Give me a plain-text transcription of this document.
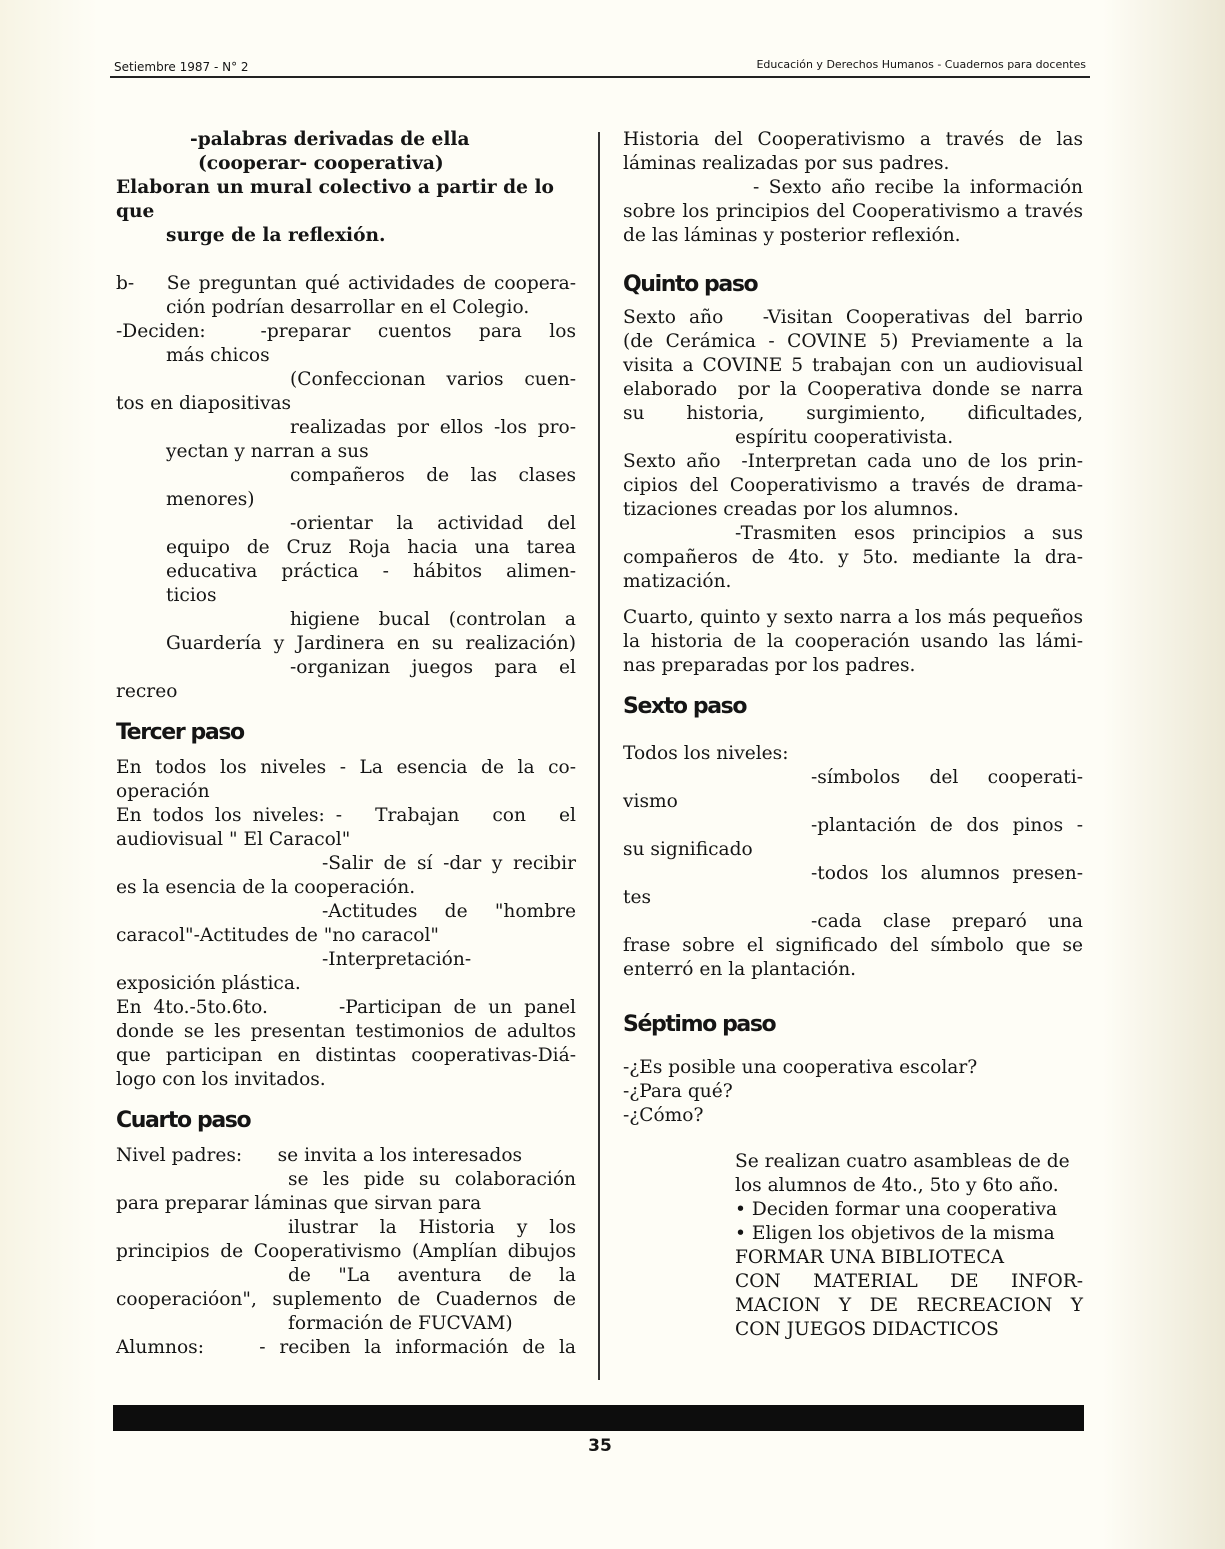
Setiembre 1987 - N° 2	Educación y Derechos Humanos - Cuadernos para docentes

-palabras derivadas de ella

(cooperar- cooperativa)

Elaboran un mural colectivo a partir de lo que

surge de la reflexión.

b-    Se preguntan qué actividades de coopera-

ción podrían desarrollar en el Colegio.

-Deciden:  -preparar cuentos para los

más chicos

(Confeccionan varios cuen-

tos en diapositivas

realizadas por ellos -los pro-

yectan y narran a sus

compañeros de las clases

menores)

-orientar la actividad del

equipo de Cruz Roja hacia una tarea

educativa práctica - hábitos alimen-

ticios

higiene bucal (controlan a

Guardería y Jardinera en su realización)

-organizan juegos para el

recreo

Tercer paso

En todos los niveles - La esencia de la co-

operación

En todos los niveles: -   Trabajan   con   el

audiovisual " El Caracol"

-Salir de sí -dar y recibir

es la esencia de la cooperación.

-Actitudes de "hombre

caracol"-Actitudes de "no caracol"

-Interpretación-

exposición plástica.

En 4to.-5to.6to.      -Participan de un panel

donde se les presentan testimonios de adultos

que participan en distintas cooperativas-Diá-

logo con los invitados.

Cuarto paso

Nivel padres:      se invita a los interesados

se les pide su colaboración

para preparar láminas que sirvan para

ilustrar la Historia y los

principios de Cooperativismo (Amplían dibujos

de "La aventura de la

cooperacióon", suplemento de Cuadernos de

formación de FUCVAM)

Alumnos:    - reciben la información de la

Historia del Cooperativismo a través de las

láminas realizadas por sus padres.

- Sexto año recibe la información

sobre los principios del Cooperativismo a través

de las láminas y posterior reflexión.

Quinto paso

Sexto año   -Visitan Cooperativas del barrio

(de Cerámica - COVINE 5) Previamente a la

visita a COVINE 5 trabajan con un audiovisual

elaborado  por la Cooperativa donde se narra

su  historia,  surgimiento,  dificultades,

espíritu cooperativista.

Sexto año  -Interpretan cada uno de los prin-

cipios del Cooperativismo a través de drama-

tizaciones creadas por los alumnos.

-Trasmiten esos principios a sus

compañeros de 4to. y 5to. mediante la dra-

matización.

Cuarto, quinto y sexto narra a los más pequeños

la historia de la cooperación usando las lámi-

nas preparadas por los padres.

Sexto paso

Todos los niveles:

-símbolos del cooperati-

vismo

-plantación de dos pinos -

su significado

-todos los alumnos presen-

tes

-cada clase preparó una

frase sobre el significado del símbolo que se

enterró en la plantación.

Séptimo paso

-¿Es posible una cooperativa escolar?

-¿Para qué?

-¿Cómo?

Se realizan cuatro asambleas de de

los alumnos de 4to., 5to y 6to año.

• Deciden formar una cooperativa

• Eligen los objetivos de la misma

FORMAR UNA BIBLIOTECA

CON MATERIAL DE INFOR-

MACION Y DE RECREACION Y

CON JUEGOS DIDACTICOS

35
